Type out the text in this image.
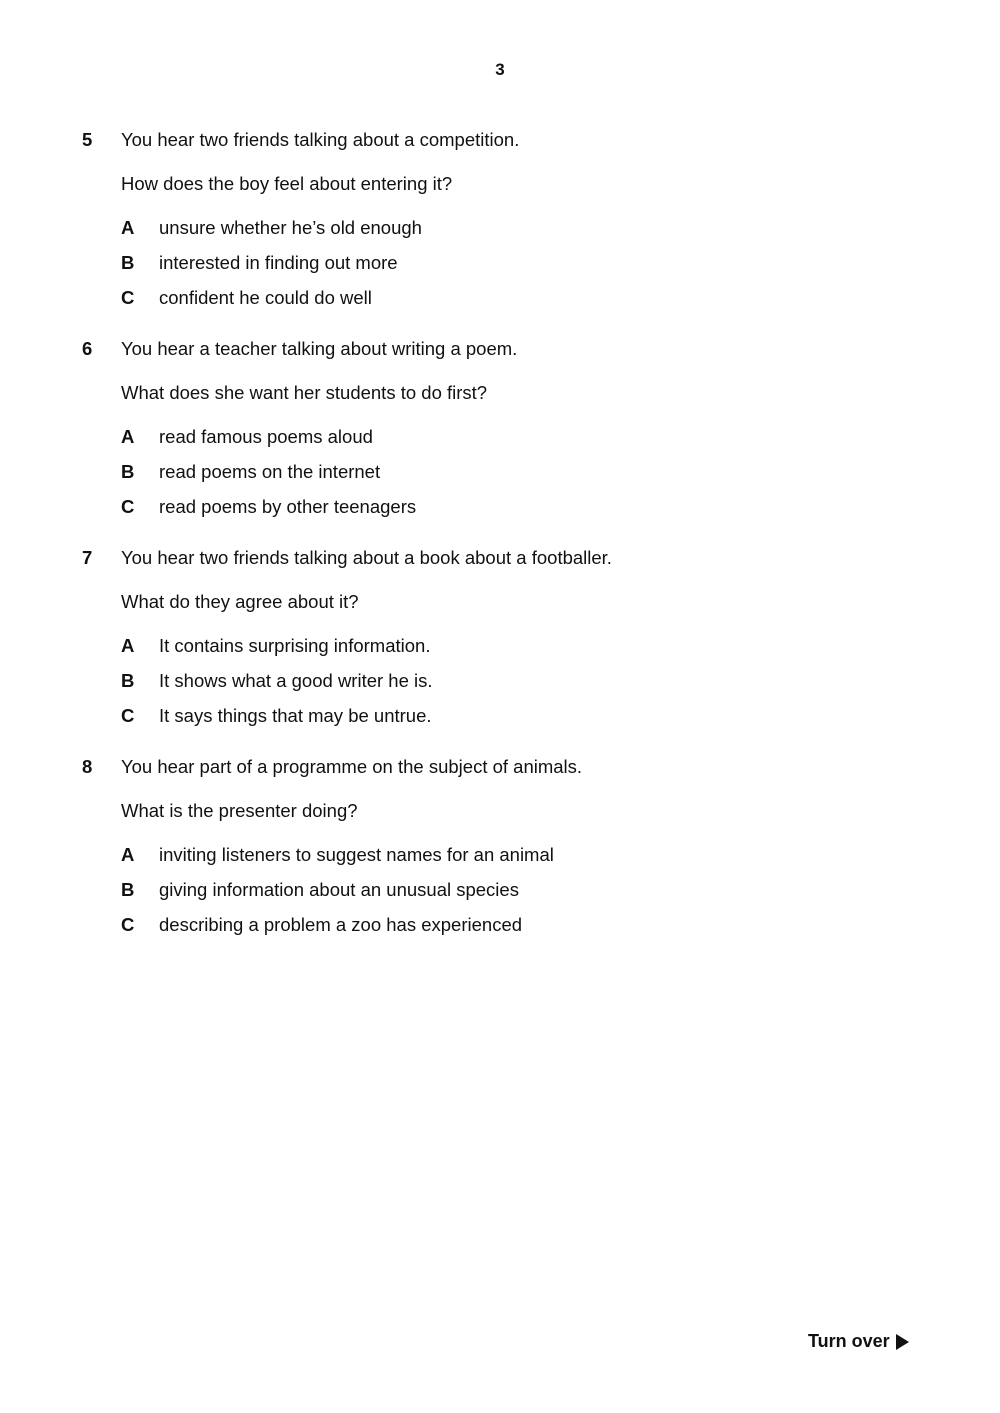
3
5	You hear two friends talking about a competition.
How does the boy feel about entering it?
A	unsure whether he’s old enough
B	interested in finding out more
C	confident he could do well
6	You hear a teacher talking about writing a poem.
What does she want her students to do first?
A	read famous poems aloud
B	read poems on the internet
C	read poems by other teenagers
7	You hear two friends talking about a book about a footballer.
What do they agree about it?
A	It contains surprising information.
B	It shows what a good writer he is.
C	It says things that may be untrue.
8	You hear part of a programme on the subject of animals.
What is the presenter doing?
A	inviting listeners to suggest names for an animal
B	giving information about an unusual species
C	describing a problem a zoo has experienced
Turn over
